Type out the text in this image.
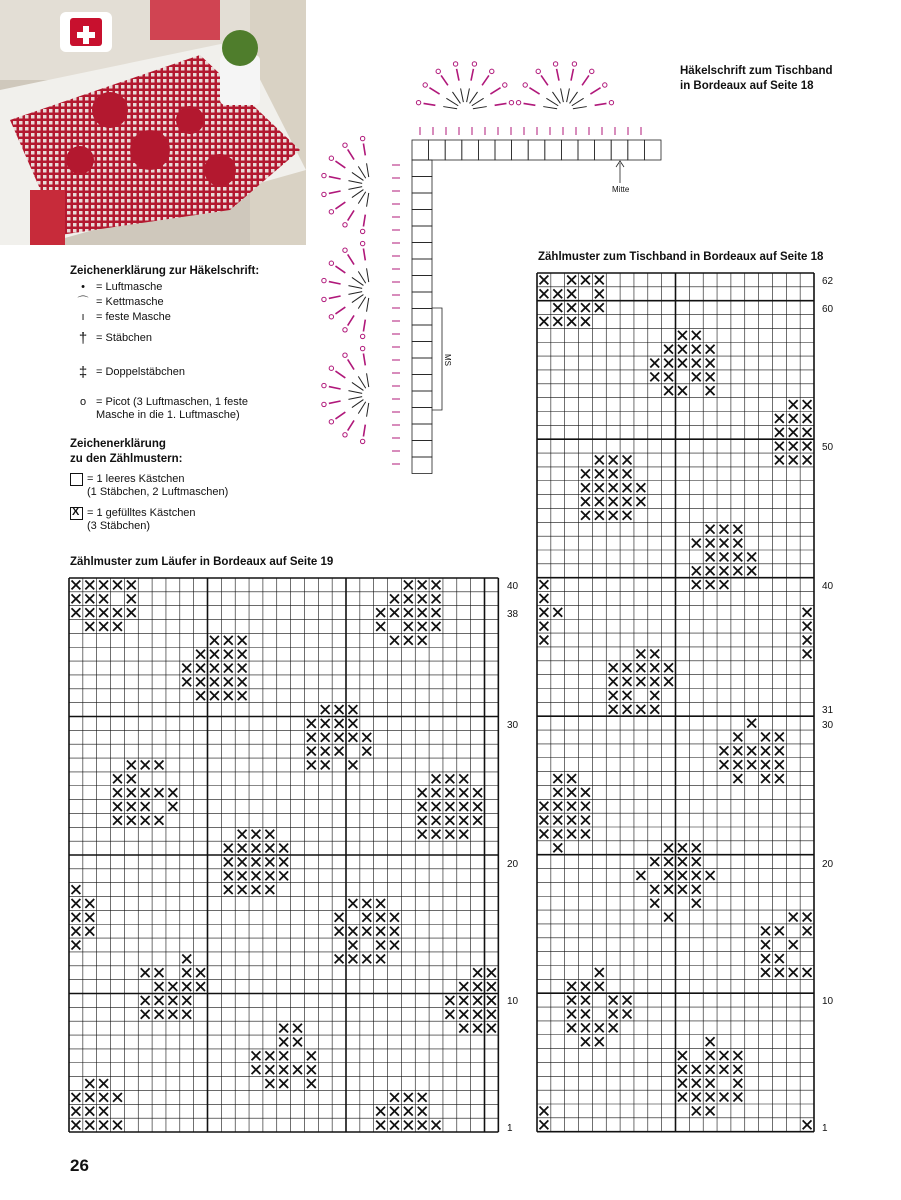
Häkelschrift zum Tischband
in Bordeaux auf Seite 18
Mitte
MS
Zeichenerklärung zur Häkelschrift:
•	= Luftmasche
⌒ = Kettmasche
ı	= feste Masche
† = Stäbchen
‡ = Doppelstäbchen
ο = Picot (3 Luftmaschen, 1 feste
Masche in die 1. Luftmasche)
Zeichenerklärung
zu den Zählmustern:
= 1 leeres Kästchen
(1 Stäbchen, 2 Luftmaschen)
X
= 1 gefülltes Kästchen
(3 Stäbchen)
Zählmuster zum Läufer in Bordeaux auf Seite 19
Zählmuster zum Tischband in Bordeaux auf Seite 18
40
38
30
20
10
1
62
60
50
40
31
30
20
10
1
26
